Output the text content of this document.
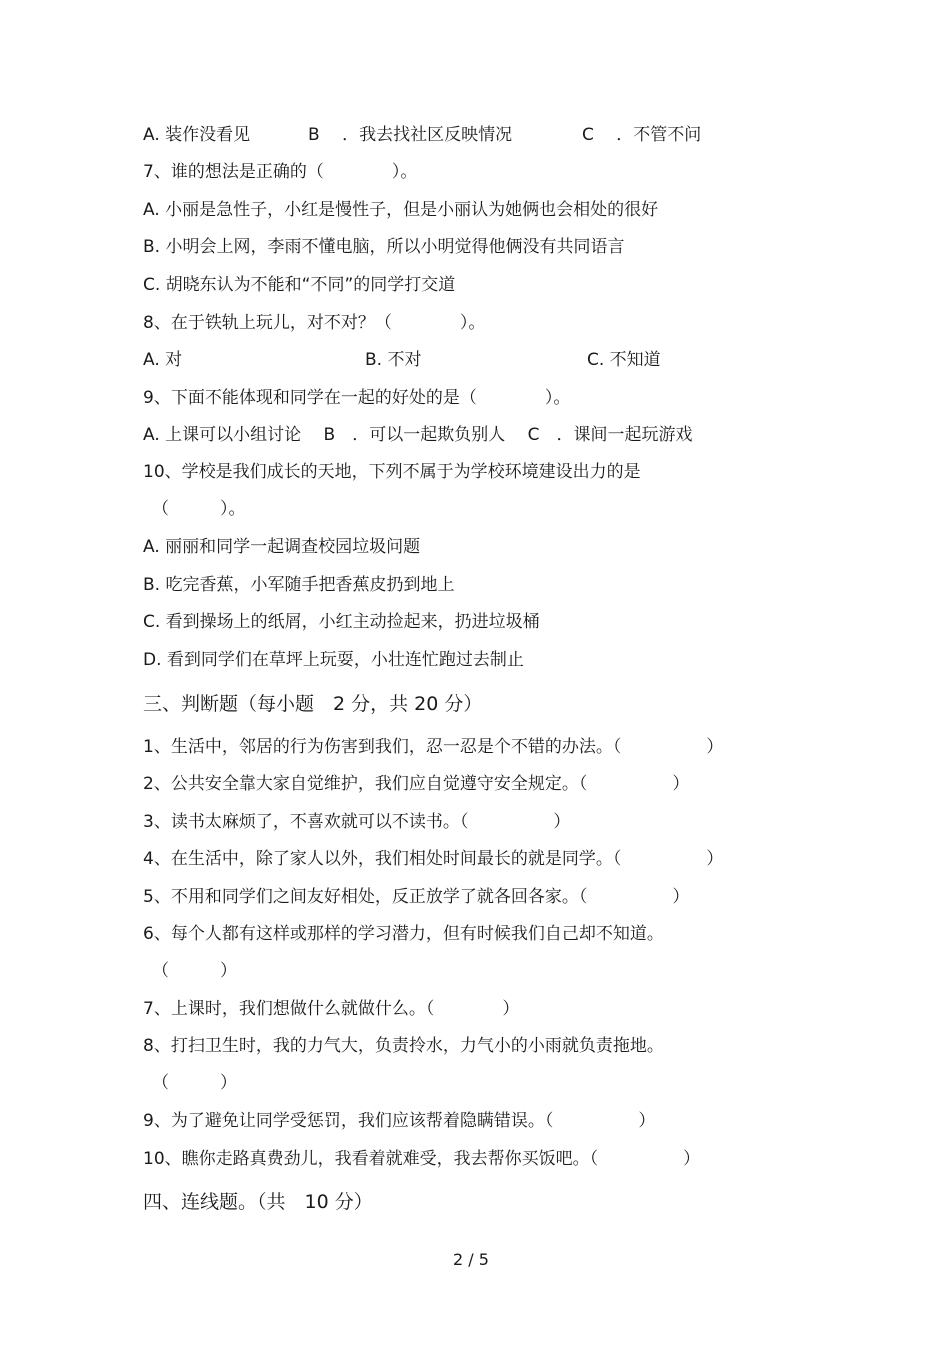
A. 装作没看见	B　 ．我去找社区反映情况	C　 ．不管不问
7、谁的想法是正确的（　　　　）。
A. 小丽是急性子，小红是慢性子，但是小丽认为她俩也会相处的很好
B. 小明会上网，李雨不懂电脑，所以小明觉得他俩没有共同语言
C. 胡晓东认为不能和“不同”的同学打交道
8、在于铁轨上玩儿，对不对？（　　　　）。
A. 对	B. 不对	C. 不知道
9、下面不能体现和同学在一起的好处的是（　　　　）。
A. 上课可以小组讨论　 B　．可以一起欺负别人　 C　．课间一起玩游戏
10、学校是我们成长的天地，下列不属于为学校环境建设出力的是
（　　　）。
A. 丽丽和同学一起调查校园垃圾问题
B. 吃完香蕉，小军随手把香蕉皮扔到地上
C. 看到操场上的纸屑，小红主动捡起来，扔进垃圾桶
D. 看到同学们在草坪上玩耍，小壮连忙跑过去制止
三、判断题（每小题　2 分，共 20 分）
1、生活中，邻居的行为伤害到我们，忍一忍是个不错的办法。（　　　　　）
2、公共安全靠大家自觉维护，我们应自觉遵守安全规定。（　　　　　）
3、读书太麻烦了，不喜欢就可以不读书。（　　　　　）
4、在生活中，除了家人以外，我们相处时间最长的就是同学。（　　　　　）
5、不用和同学们之间友好相处，反正放学了就各回各家。（　　　　　）
6、每个人都有这样或那样的学习潜力，但有时候我们自己却不知道。
（　　　）
7、上课时，我们想做什么就做什么。（　　　　）
8、打扫卫生时，我的力气大，负责拎水，力气小的小雨就负责拖地。
（　　　）
9、为了避免让同学受惩罚，我们应该帮着隐瞒错误。（　　　　　）
10、瞧你走路真费劲儿，我看着就难受，我去帮你买饭吧。（　　　　　）
四、连线题。（共　10 分）
2 / 5
